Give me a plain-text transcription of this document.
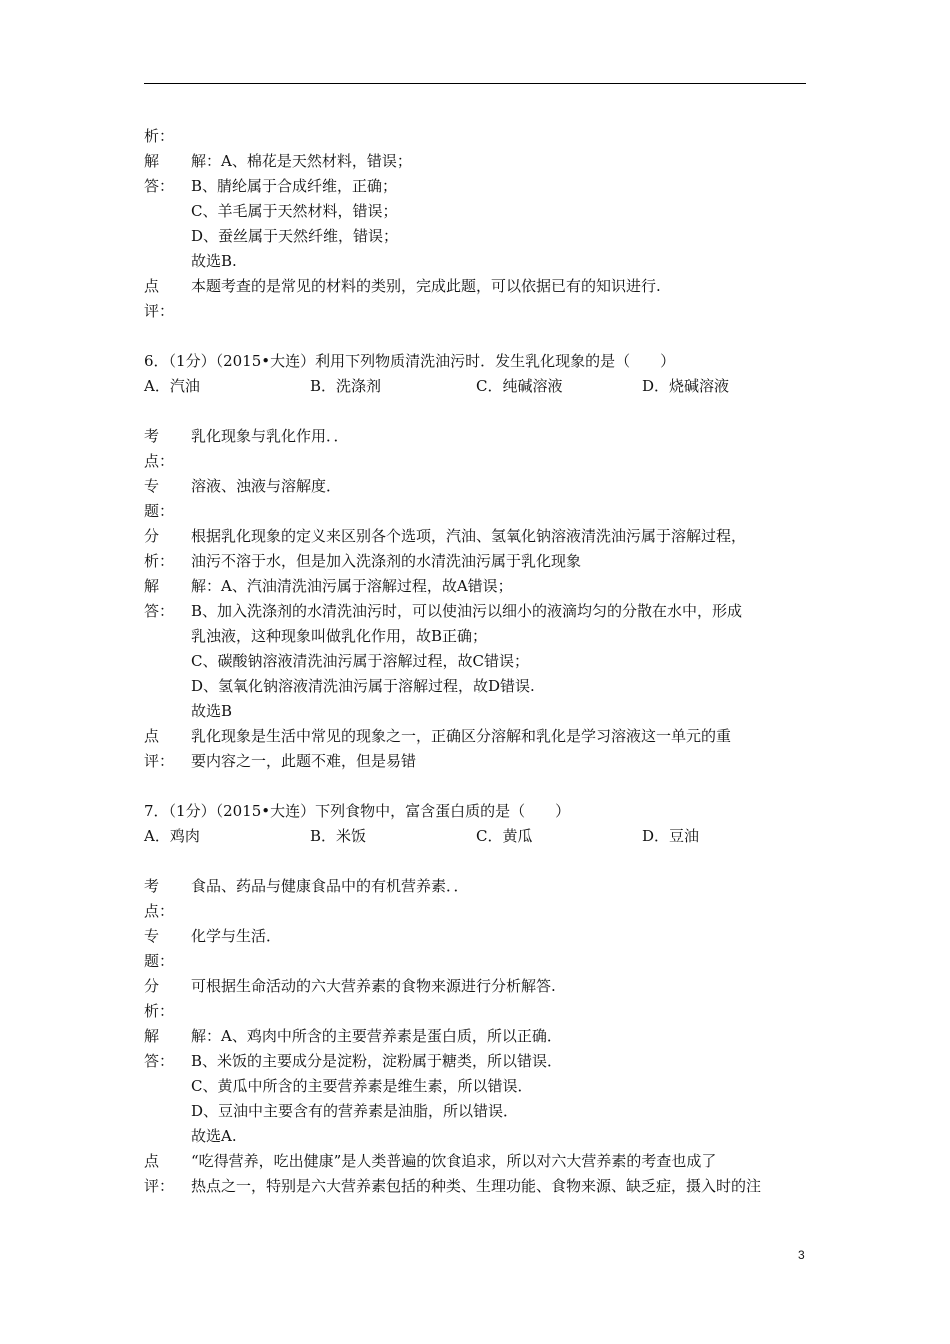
析：
解	解：A、棉花是天然材料，错误；
答：	B、腈纶属于合成纤维，正确；
C、羊毛属于天然材料，错误；
D、蚕丝属于天然纤维，错误；
故选B.
点	本题考查的是常见的材料的类别，完成此题，可以依据已有的知识进行.
评：
6．（1分）（2015•大连）利用下列物质清洗油污时．发生乳化现象的是（　　）
A．汽油	B．洗涤剂	C．纯碱溶液	D．烧碱溶液
考	乳化现象与乳化作用．．
点：
专	溶液、浊液与溶解度．
题：
分	根据乳化现象的定义来区别各个选项，汽油、氢氧化钠溶液清洗油污属于溶解过程，
析：	油污不溶于水，但是加入洗涤剂的水清洗油污属于乳化现象
解	解：A、汽油清洗油污属于溶解过程，故A错误；
答：	B、加入洗涤剂的水清洗油污时，可以使油污以细小的液滴均匀的分散在水中，形成
乳浊液，这种现象叫做乳化作用，故B正确；
C、碳酸钠溶液清洗油污属于溶解过程，故C错误；
D、氢氧化钠溶液清洗油污属于溶解过程，故D错误.
故选B
点	乳化现象是生活中常见的现象之一，正确区分溶解和乳化是学习溶液这一单元的重
评：	要内容之一，此题不难，但是易错
7．（1分）（2015•大连）下列食物中，富含蛋白质的是（　　）
A．鸡肉	B．米饭	C．黄瓜	D．豆油
考	食品、药品与健康食品中的有机营养素．．
点：
专	化学与生活．
题：
分	可根据生命活动的六大营养素的食物来源进行分析解答.
析：
解	解：A、鸡肉中所含的主要营养素是蛋白质，所以正确．
答：	B、米饭的主要成分是淀粉，淀粉属于糖类，所以错误．
C、黄瓜中所含的主要营养素是维生素，所以错误．
D、豆油中主要含有的营养素是油脂，所以错误．
故选A.
点	“吃得营养，吃出健康”是人类普遍的饮食追求，所以对六大营养素的考查也成了
评：	热点之一，特别是六大营养素包括的种类、生理功能、食物来源、缺乏症，摄入时的注
3
